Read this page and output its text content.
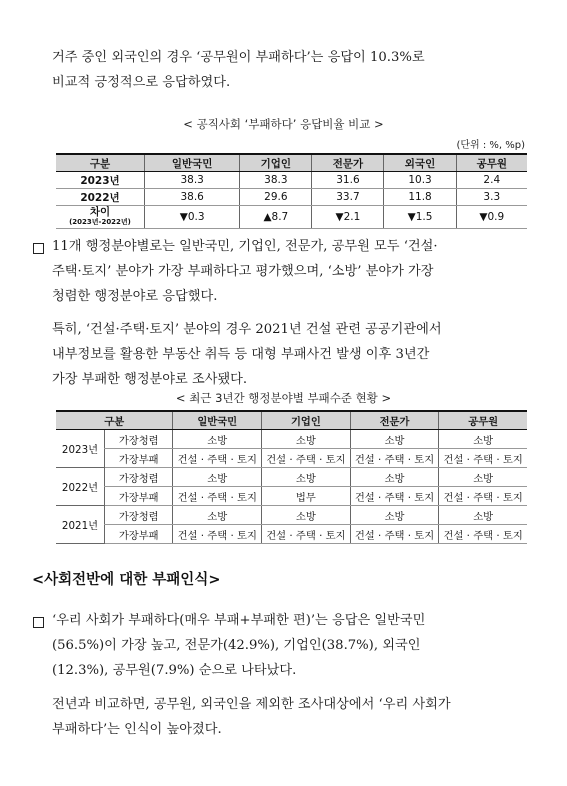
거주 중인 외국인의 경우 ‘공무원이 부패하다’는 응답이 10.3%로
비교적 긍정적으로 응답하였다.
< 공직사회 ‘부패하다’ 응답비율 비교 >
(단위 : %, %p)
구분	일반국민	기업인	전문가	외국인	공무원
2023년	38.3	38.3	31.6	10.3	2.4
2022년	38.6	29.6	33.7	11.8	3.3

차이
(2023년-2022년)	▼0.3	▲8.7	▼2.1	▼1.5	▼0.9
11개 행정분야별로는 일반국민, 기업인, 전문가, 공무원 모두 ‘건설·
주택·토지’ 분야가 가장 부패하다고 평가했으며, ‘소방’ 분야가 가장
청렴한 행정분야로 응답했다.
특히, ‘건설·주택·토지’ 분야의 경우 2021년 건설 관련 공공기관에서
내부정보를 활용한 부동산 취득 등 대형 부패사건 발생 이후 3년간
가장 부패한 행정분야로 조사됐다.
< 최근 3년간 행정분야별 부패수준 현황 >
구분		일반국민	기업인	전문가	공무원
2023년	가장청렴	소방	소방	소방	소방
	가장부패	건설 · 주택 · 토지	건설 · 주택 · 토지	건설 · 주택 · 토지	건설 · 주택 · 토지
2022년	가장청렴	소방	소방	소방	소방
	가장부패	건설 · 주택 · 토지	법무	건설 · 주택 · 토지	건설 · 주택 · 토지
2021년	가장청렴	소방	소방	소방	소방
	가장부패	건설 · 주택 · 토지	건설 · 주택 · 토지	건설 · 주택 · 토지	건설 · 주택 · 토지
<사회전반에 대한 부패인식>
‘우리 사회가 부패하다(매우 부패+부패한 편)’는 응답은 일반국민
(56.5%)이 가장 높고, 전문가(42.9%), 기업인(38.7%), 외국인
(12.3%), 공무원(7.9%) 순으로 나타났다.
전년과 비교하면, 공무원, 외국인을 제외한 조사대상에서 ‘우리 사회가
부패하다’는 인식이 높아졌다.
